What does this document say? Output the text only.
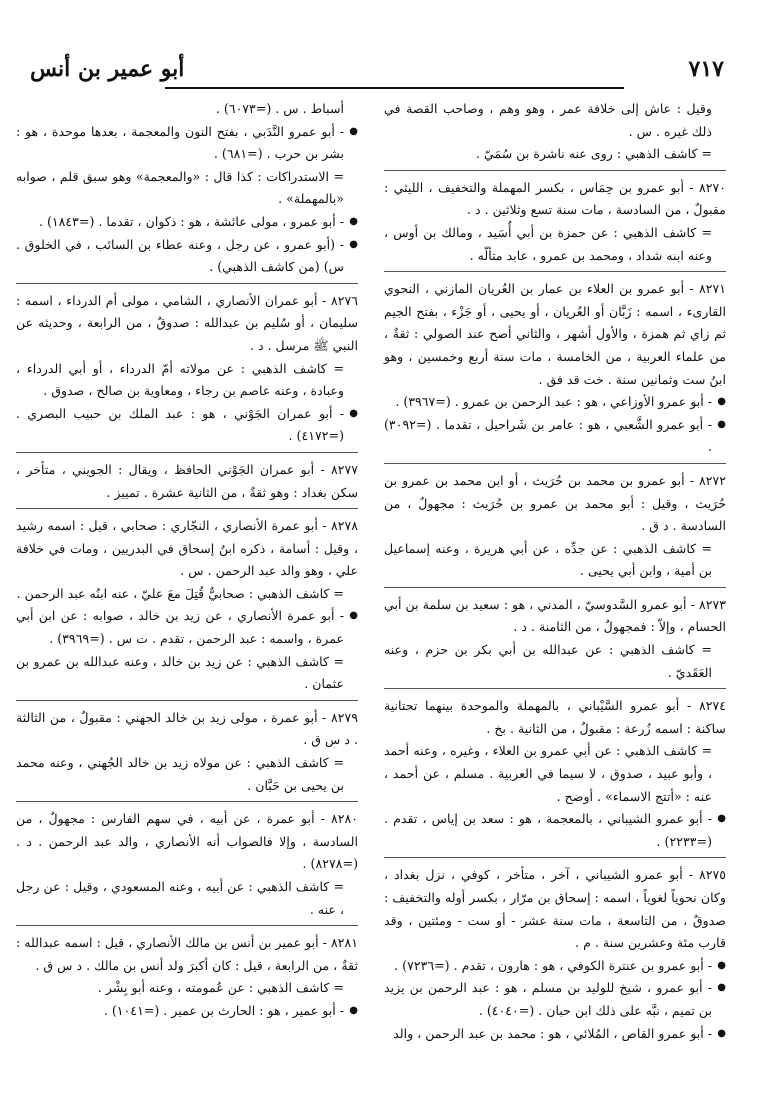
٧١٧
أبو عمير بن أنس

وقيل : عاش إلى خلافة عمر ، وهو وهم ، وصاحب القصة في ذلك غيره . س .

= كاشف الذهبي : روى عنه ناشرة بن سُمَيّ .

٨٢٧٠ - أبو عمرو بن حِمَاس ، بكسر المهملة والتخفيف ، الليثي : مقبولٌ ، من السادسة ، مات سنة تسع وثلاثين . د .

= كاشف الذهبي : عن حمزة بن أبي أُسَيد ، ومالك بن أوس ، وعنه ابنه شداد ، ومحمد بن عمرو ، عابد متألّه .

٨٢٧١ - أبو عمرو بن العلاء بن عمار بن العُريان المازني ، النحوي القارىء ، اسمه : زَبَّان أو العُريان ، أو يحيى ، أو جَزْء ، بفتح الجيم ثم زاي ثم همزة ، والأول أشهر ، والثاني أصح عند الصولي : ثقةٌ ، من علماء العربية ، من الخامسة ، مات سنة أربع وخمسين ، وهو ابنُ ست وثمانين سنة . خت قد فق .

● - أبو عمرو الأوزاعي ، هو : عبد الرحمن بن عمرو . (=٣٩٦٧) .

● - أبو عمرو الشَّعبي ، هو : عامر بن شَراحيل ، تقدما . (=٣٠٩٢) .

٨٢٧٢ - أبو عمرو بن محمد بن حُرَيث ، أو ابن محمد بن عمرو بن حُرَيث ، وقيل : أبو محمد بن عمرو بن حُرَيث : مجهولٌ ، من السادسة . د ق .

= كاشف الذهبي : عن جدِّه ، عن أبي هريرة ، وعنه إسماعيل بن أمية ، وابن أبي يحيى .

٨٢٧٣ - أبو عمرو السَّدوسيّ ، المدني ، هو : سعيد بن سلمة بن أبي الحسام ، وإلاّ : فمجهولٌ ، من الثامنة . د .

= كاشف الذهبي : عن عبدالله بن أبي بكر بن حزم ، وعنه العَقَديّ .

٨٢٧٤ - أبو عمرو السَّيْباني ، بالمهملة والموحدة بينهما تحتانية ساكنة : اسمه زُرعة : مقبولٌ ، من الثانية . بخ .

= كاشف الذهبي : عن أبي عمرو بن العلاء ، وغيره ، وعنه أحمد ، وأبو عبيد ، صدوق ، لا سيما في العربية . مسلم ، عن أحمد ، عنه : «أتتج الاسماء» . أوضح .

● - أبو عمرو الشيباني ، بالمعجمة ، هو : سعد بن إياس ، تقدم . (=٢٢٣٣) .

٨٢٧٥ - أبو عمرو الشيباني ، آخر ، متأخر ، كوفي ، نزل بغداد ، وكان نحوياً لغوياً ، اسمه : إسحاق بن مرّار ، بكسر أوله والتخفيف : صدوقٌ ، من التاسعة ، مات سنة عشر - أو ست - ومئتين ، وقد قارب مئة وعشرين سنة . م .

● - أبو عمرو بن عنترة الكوفي ، هو : هارون ، تقدم . (=٧٢٣٦) .

● - أبو عمرو ، شيخ للوليد بن مسلم ، هو : عبد الرحمن بن يزيد بن تميم ، نبَّه على ذلك ابن حبان . (=٤٠٤٠) .

● - أبو عمرو القاص ، المُلائي ، هو : محمد بن عبد الرحمن ، والد

أسباط . س . (=٦٠٧٣) .

● - أبو عمرو النَّدَبي ، بفتح النون والمعجمة ، بعدها موحدة ، هو : بشر بن حرب . (=٦٨١) .

= الاستدراكات : كذا قال : «والمعجمة» وهو سبق قلم ، صوابه «بالمهملة» .

● - أبو عمرو ، مولى عائشة ، هو : ذكوان ، تقدما . (=١٨٤٣) .

● - (أبو عمرو ، عن رجل ، وعنه عطاء بن السائب ، في الخلوق . س) (من كاشف الذهبي) .

٨٢٧٦ - أبو عمران الأنصاري ، الشامي ، مولى أم الدرداء ، اسمه : سليمان ، أو سُليم بن عبدالله : صدوقٌ ، من الرابعة ، وحديثه عن النبي ﷺ مرسل . د .

= كاشف الذهبي : عن مولاته أمّ الدرداء ، أو أبي الدرداء ، وعبادة ، وعنه عاصم بن رجاء ، ومعاوية بن صالح ، صدوق .

● - أبو عمران الجَوْني ، هو : عبد الملك بن حبيب البصري . (=٤١٧٢) .

٨٢٧٧ - أبو عمران الجَوْني الحافظ ، ويقال : الجويني ، متأخر ، سكن بغداد : وهو ثقةٌ ، من الثانية عشرة . تمييز .

٨٢٧٨ - أبو عمرة الأنصاري ، النجّاري : صحابي ، قيل : اسمه رشيد ، وقيل : أسامة ، ذكره ابنُ إسحاق في البدريين ، ومات في خلافة علي ، وهو والد عبد الرحمن . س .

= كاشف الذهبي : صحابيٌّ قُتِلَ معَ عليّ ، عنه ابنُه عبد الرحمن .

● - أبو عمرة الأنصاري ، عن زيد بن خالد ، صوابه : عن ابن أبي عمرة ، واسمه : عبد الرحمن ، تقدم . ت س . (=٣٩٦٩) .

= كاشف الذهبي : عن زيد بن خالد ، وعنه عبدالله بن عمرو بن عثمان .

٨٢٧٩ - أبو عمرة ، مولى زيد بن خالد الجهني : مقبولٌ ، من الثالثة . د س ق .

= كاشف الذهبي : عن مولاه زيد بن خالد الجُهني ، وعنه محمد بن يحيى بن حَبَّان .

٨٢٨٠ - أبو عمرة ، عن أبيه ، في سهم الفارس : مجهولٌ ، من السادسة ، وإلا فالصواب أنه الأنصاري ، والد عبد الرحمن . د . (=٨٢٧٨) .

= كاشف الذهبي : عن أبيه ، وعنه المسعودي ، وقيل : عن رجل ، عنه .

٨٢٨١ - أبو عمير بن أنس بن مالك الأنصاري ، قيل : اسمه عبدالله : ثقةٌ ، من الرابعة ، قيل : كان أكبرَ ولد أنس بن مالك . د س ق .

= كاشف الذهبي : عن عُمومته ، وعنه أبو بِشْر .

● - أبو عمير ، هو : الحارث بن عمير . (=١٠٤١) .
